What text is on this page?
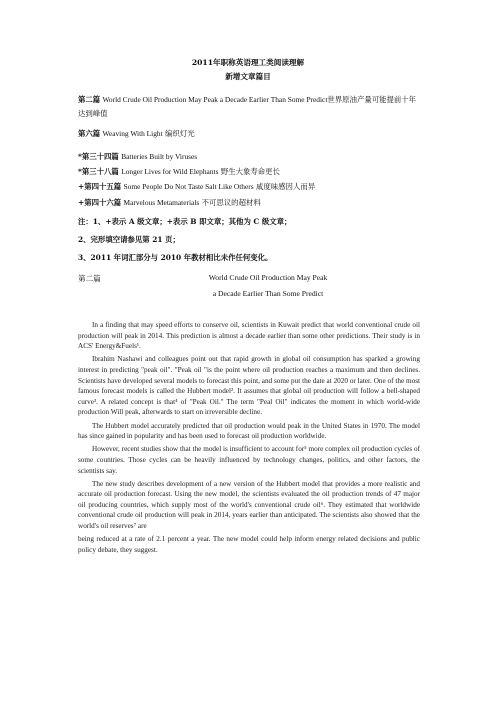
2011年职称英语理工类阅读理解
新增文章篇目
第二篇 World Crude Oil Production May Peak a Decade Earlier Than Some Predict世界原油产量可能提前十年达到峰值
第六篇 Weaving With Light 编织灯光
*第三十四篇 Batteries Built by Viruses
*第三十八篇 Longer Lives for Wild Elephants 野生大象寿命更长
+第四十五篇 Some People Do Not Taste Salt Like Others 咸度味感因人而异
+第四十六篇 Marvelous Metamaterials 不可思议的超材料
注：1、+表示 A 级文章；+表示 B 即文章；其他为 C 级文章；
2、完形填空请参见第 21 页；
3、2011 年词汇部分与 2010 年教材相比未作任何变化。
第二篇	World Crude Oil Production May Peak
a Decade Earlier Than Some Predict

In a finding that may speed efforts to conserve oil, scientists in Kuwait predict that world conventional crude oil production will peak in 2014. This prediction is almost a decade earlier than some other predictions. Their study is in ACS' Energy&Fuels¹.

Ibrahim Nashawi and colleagues point out that rapid growth in global oil consumption has sparked a growing interest in predicting "peak oil". "Peak oil "is the point where oil production reaches a maximum and then declines. Scientists have developed several models to forecast this point, and some put the date at 2020 or later. One of the most famous forecast models is called the Hubbert model². It assumes that global oil production will follow a bell-shaped curve³. A related concept is that⁴ of "Peak Oil." The term "Peal Oil" indicates the moment in which world-wide production Will peak, afterwards to start on irreversible decline.

The Hubbert model accurately predicted that oil production would peak in the United States in 1970. The model has since gained in popularity and has been used to forecast oil production worldwide.

However, recent studies show that the model is insufficient to account for⁵ more complex oil production cycles of some countries. Those cycles can be heavily influenced by technology changes, politics, and other factors, the scientists say.

The new study describes development of a new version of the Hubbert model that provides a more realistic and accurate oil production forecast. Using the new model, the scientists evaluated the oil production trends of 47 major oil producing countries, which supply most of the world's conventional crude oil⁶. They estimated that worldwide conventional crude oil production will peak in 2014, years earlier than anticipated. The scientists also showed that the world's oil reserves⁷ are

being reduced at a rate of 2.1 percent a year. The new model could help inform energy related decisions and public policy debate, they suggest.
